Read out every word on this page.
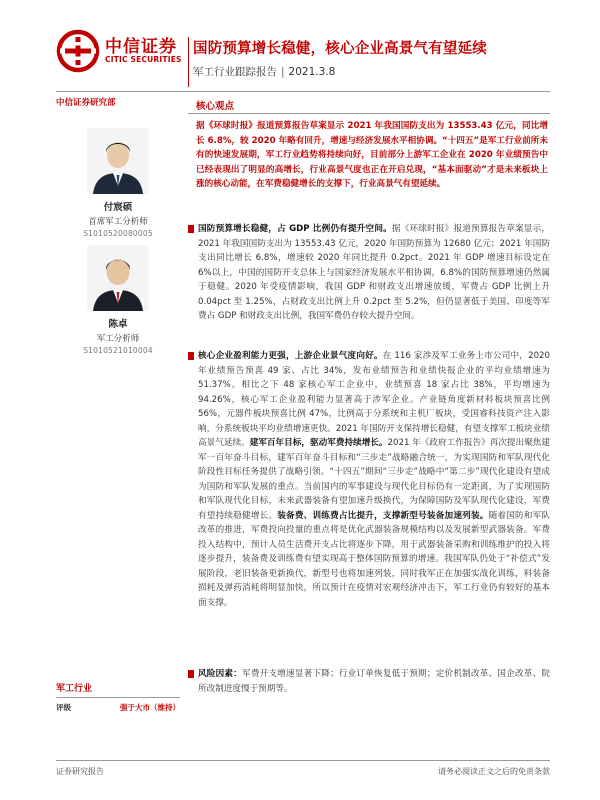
中信证券
CITIC SECURITIES
国防预算增长稳健，核心企业高景气有望延续
军工行业跟踪报告 | 2021.3.8
中信证券研究部
付宸硕
首席军工分析师
S1010520080005
陈卓
军工分析师
S1010521010004
军工行业
评级	强于大市（维持）
核心观点
据《环球时报》报道预算报告草案显示 2021 年我国国防支出为 13553.43 亿元，同比增长 6.8%，较 2020 年略有回升，增速与经济发展水平相协调。“十四五”是军工行业前所未有的快速发展期，军工行业趋势将持续向好，目前部分上游军工企业在 2020 年业绩预告中已经表现出了明显的高增长，行业高景气度也正在开启兑现，“基本面驱动”才是未来板块上涨的核心动能，在军费稳健增长的支撑下，行业高景气有望延续。
国防预算增长稳健，占 GDP 比例仍有提升空间。据《环球时报》报道预算报告草案显示，2021 年我国国防支出为 13553.43 亿元，2020 年国防预算为 12680 亿元；2021 年国防支出同比增长 6.8%，增速较 2020 年同比提升 0.2pct。2021 年 GDP 增速目标设定在 6%以上，中国的国防开支总体上与国家经济发展水平相协调，6.8%的国防预算增速仍然属于稳健。2020 年受疫情影响，我国 GDP 和财政支出增速放缓，军费占 GDP 比例上升 0.04pct 至 1.25%，占财政支出比例上升 0.2pct 至 5.2%，但仍显著低于美国、印度等军费占 GDP 和财政支出比例，我国军费仍存较大提升空间。
核心企业盈利能力更强，上游企业景气度向好。在 116 家涉及军工业务上市公司中，2020 年业绩预告预喜 49 家、占比 34%，发布业绩预告和业绩快报企业的平均业绩增速为 51.37%。相比之下 48 家核心军工企业中，业绩预喜 18 家占比 38%，平均增速为 94.26%，核心军工企业盈利能力显著高于涉军企业。产业链角度新材料板块预喜比例 56%，元器件板块预喜比例 47%，比例高于分系统和主机厂板块，受国睿科技资产注入影响，分系统板块平均业绩增速更快。2021 年国防开支保持增长稳健，有望支撑军工板块业绩高景气延续。建军百年目标，驱动军费持续增长。2021 年《政府工作报告》再次提出聚焦建军一百年奋斗目标，建军百年奋斗目标和“三步走”战略融合统一，为实现国防和军队现代化阶段性目标任务提供了战略引领。“十四五”期间“三步走”战略中“第二步”现代化建设有望成为国防和军队发展的重点。当前国内的军事建设与现代化目标仍有一定距离，为了实现国防和军队现代化目标，未来武器装备有望加速升级换代，为保障国防及军队现代化建设，军费有望持续稳健增长。装备费、训练费占比提升，支撑新型号装备加速列装。随着国防和军队改革的推进，军费投向投量的重点将是优化武器装备规模结构以及发展新型武器装备。军费投入结构中，预计人员生活费开支占比将逐步下降，用于武器装备采购和训练维护的投入将逐步提升，装备费及训练费有望实现高于整体国防预算的增速。我国军队仍处于“补偿式”发展阶段，老旧装备更新换代，新型号也将加速列装，同时我军正在加强实战化训练，料装备损耗及弹药消耗将明显加快，所以预计在疫情对宏观经济冲击下，军工行业仍有较好的基本面支撑。
风险因素：军费开支增速显著下降；行业订单恢复低于预期；定价机制改革、国企改革、院所改制进度慢于预期等。
证券研究报告	请务必阅读正文之后的免责条款
